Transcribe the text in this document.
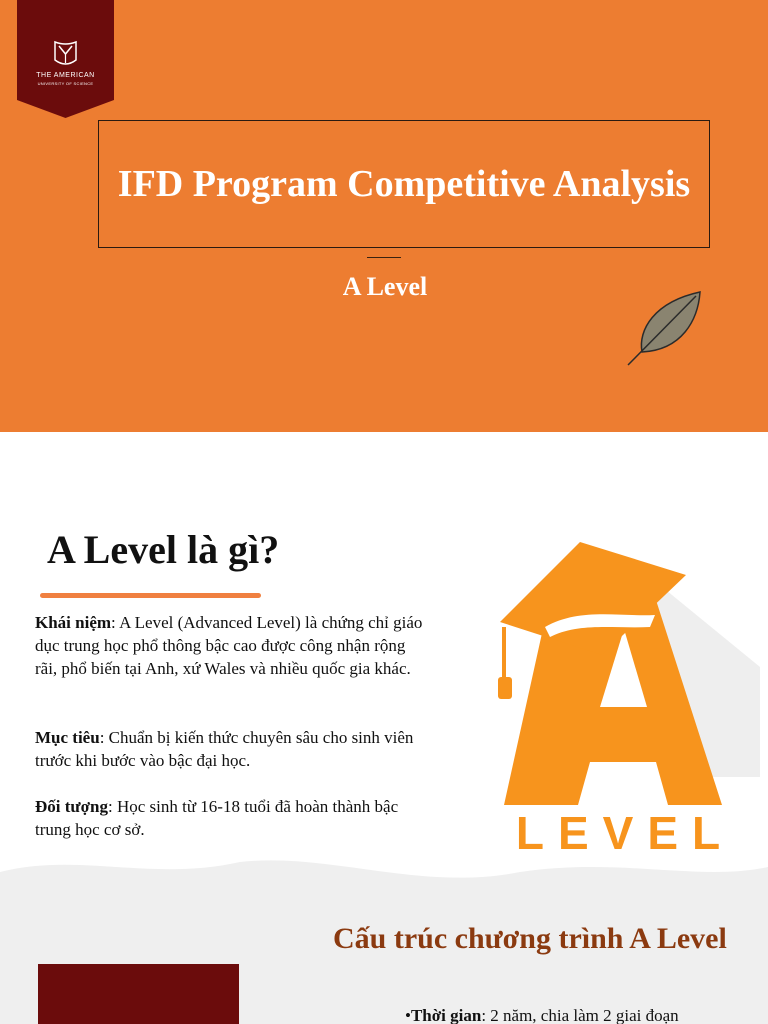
THE AMERICAN
UNIVERSITY OF SCIENCE
IFD Program Competitive Analysis
A Level
A Level là gì?
Khái niệm: A Level (Advanced Level) là chứng chỉ giáo dục trung học phổ thông bậc cao được công nhận rộng rãi, phổ biến tại Anh, xứ Wales và nhiều quốc gia khác.
Mục tiêu: Chuẩn bị kiến thức chuyên sâu cho sinh viên trước khi bước vào bậc đại học.
Đối tượng: Học sinh từ 16-18 tuổi đã hoàn thành bậc trung học cơ sở.	LEVEL
Cấu trúc chương trình A Level
•Thời gian: 2 năm, chia làm 2 giai đoạn
